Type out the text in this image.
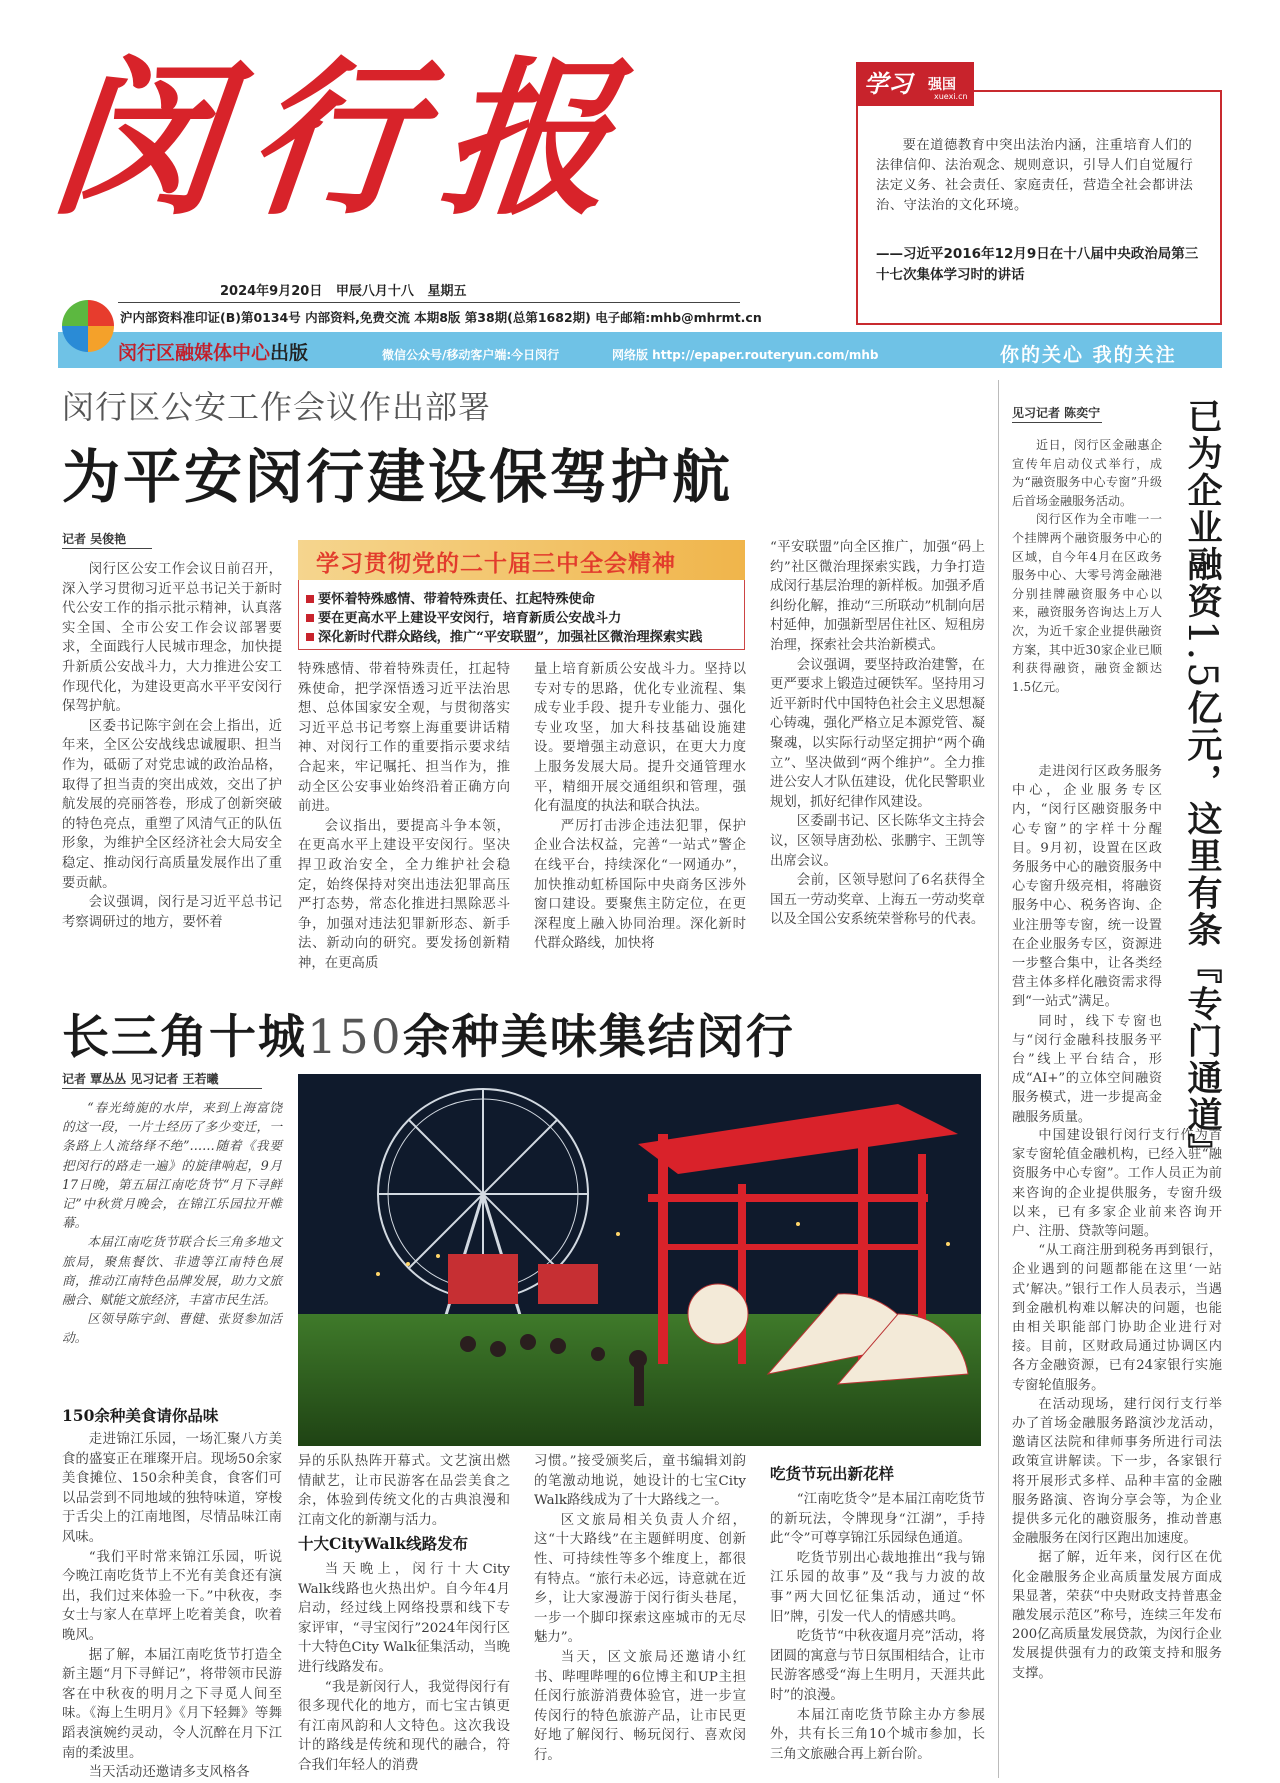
闵行报
2024年9月20日 甲辰八月十八 星期五
沪内部资料准印证(B)第0134号 内部资料,免费交流 本期8版 第38期(总第1682期) 电子邮箱:mhb@mhrmt.cn
闵行区融媒体中心出版	微信公众号/移动客户端:今日闵行	网络版 http://epaper.routeryun.com/mhb	你的关心 我的关注
学习 强国
xuexi.cn
要在道德教育中突出法治内涵，注重培育人们的法律信仰、法治观念、规则意识，引导人们自觉履行法定义务、社会责任、家庭责任，营造全社会都讲法治、守法治的文化环境。
——习近平2016年12月9日在十八届中央政治局第三十七次集体学习时的讲话
闵行区公安工作会议作出部署
为平安闵行建设保驾护航
记者 吴俊艳

闵行区公安工作会议日前召开，深入学习贯彻习近平总书记关于新时代公安工作的指示批示精神，认真落实全国、全市公安工作会议部署要求，全面践行人民城市理念，加快提升新质公安战斗力，大力推进公安工作现代化，为建设更高水平平安闵行保驾护航。

区委书记陈宇剑在会上指出，近年来，全区公安战线忠诚履职、担当作为，砥砺了对党忠诚的政治品格，取得了担当责的突出成效，交出了护航发展的亮丽答卷，形成了创新突破的特色亮点，重塑了风清气正的队伍形象，为维护全区经济社会大局安全稳定、推动闵行高质量发展作出了重要贡献。

会议强调，闵行是习近平总书记考察调研过的地方，要怀着

特殊感情、带着特殊责任，扛起特殊使命，把学深悟透习近平法治思想、总体国家安全观，与贯彻落实习近平总书记考察上海重要讲话精神、对闵行工作的重要指示要求结合起来，牢记嘱托、担当作为，推动全区公安事业始终沿着正确方向前进。

会议指出，要提高斗争本领，在更高水平上建设平安闵行。坚决捍卫政治安全，全力维护社会稳定，始终保持对突出违法犯罪高压严打态势，常态化推进扫黑除恶斗争，加强对违法犯罪新形态、新手法、新动向的研究。要发扬创新精神，在更高质

量上培育新质公安战斗力。坚持以专对专的思路，优化专业流程、集成专业手段、提升专业能力、强化专业攻坚，加大科技基础设施建设。要增强主动意识，在更大力度上服务发展大局。提升交通管理水平，精细开展交通组织和管理，强化有温度的执法和联合执法。

严厉打击涉企违法犯罪，保护企业合法权益，完善“一站式”警企在线平台，持续深化“一网通办”，加快推动虹桥国际中央商务区涉外窗口建设。要聚焦主防定位，在更深程度上融入协同治理。深化新时代群众路线，加快将

“平安联盟”向全区推广，加强“码上约”社区微治理探索实践，力争打造成闵行基层治理的新样板。加强矛盾纠纷化解，推动“三所联动”机制向居村延伸，加强新型居住社区、短租房治理，探索社会共治新模式。

会议强调，要坚持政治建警，在更严要求上锻造过硬铁军。坚持用习近平新时代中国特色社会主义思想凝心铸魂，强化严格立足本源党管、凝聚魂，以实际行动坚定拥护“两个确立”、坚决做到“两个维护”。全力推进公安人才队伍建设，优化民警职业规划，抓好纪律作风建设。

区委副书记、区长陈华文主持会议，区领导唐劲松、张鹏宇、王凯等出席会议。

会前，区领导慰问了6名获得全国五一劳动奖章、上海五一劳动奖章以及全国公安系统荣誉称号的代表。

学习贯彻党的二十届三中全会精神
要怀着特殊感情、带着特殊责任、扛起特殊使命
要在更高水平上建设平安闵行，培育新质公安战斗力
深化新时代群众路线，推广“平安联盟”，加强社区微治理探索实践
见习记者 陈奕宁 已为企业融资1.5亿元，这里有条『专门通道』

近日，闵行区金融惠企宣传年启动仪式举行，成为“融资服务中心专窗”升级后首场金融服务活动。

闵行区作为全市唯一一个挂牌两个融资服务中心的区域，自今年4月在区政务服务中心、大零号湾金融港分别挂牌融资服务中心以来，融资服务咨询达上万人次，为近千家企业提供融资方案，其中近30家企业已顺利获得融资，融资金额达1.5亿元。

走进闵行区政务服务中心，企业服务专区内，“闵行区融资服务中心专窗”的字样十分醒目。9月初，设置在区政务服务中心的融资服务中心专窗升级亮相，将融资服务中心、税务咨询、企业注册等专窗，统一设置在企业服务专区，资源进一步整合集中，让各类经营主体多样化融资需求得到“一站式”满足。

同时，线下专窗也与“闵行金融科技服务平台”线上平台结合，形成“AI+”的立体空间融资服务模式，进一步提高金融服务质量。

中国建设银行闵行支行作为首家专窗轮值金融机构，已经入驻“融资服务中心专窗”。工作人员正为前来咨询的企业提供服务，专窗升级以来，已有多家企业前来咨询开户、注册、贷款等问题。

“从工商注册到税务再到银行，企业遇到的问题都能在这里‘一站式’解决。”银行工作人员表示，当遇到金融机构难以解决的问题，也能由相关职能部门协助企业进行对接。目前，区财政局通过协调区内各方金融资源，已有24家银行实施专窗轮值服务。

在活动现场，建行闵行支行举办了首场金融服务路演沙龙活动，邀请区法院和律师事务所进行司法政策宣讲解读。下一步，各家银行将开展形式多样、品种丰富的金融服务路演、咨询分享会等，为企业提供多元化的融资服务，推动普惠金融服务在闵行区跑出加速度。

据了解，近年来，闵行区在优化金融服务企业高质量发展方面成果显著，荣获“中央财政支持普惠金融发展示范区”称号，连续三年发布200亿高质量发展贷款，为闵行企业发展提供强有力的政策支持和服务支撑。

长三角十城150余种美味集结闵行
记者 覃丛丛 见习记者 王若曦

“春光绮旎的水岸，来到上海富饶的这一段，一片土经历了多少变迁，一条路上人流络绎不绝”……随着《我要把闵行的路走一遍》的旋律响起，9月17日晚，第五届江南吃货节“月下寻鲜记”中秋赏月晚会，在锦江乐园拉开帷幕。

本届江南吃货节联合长三角多地文旅局，聚焦餐饮、非遗等江南特色展商，推动江南特色品牌发展，助力文旅融合、赋能文旅经济，丰富市民生活。

区领导陈宇剑、曹健、张贤参加活动。

150余种美食请你品味

走进锦江乐园，一场汇聚八方美食的盛宴正在璀璨开启。现场50余家美食摊位、150余种美食，食客们可以品尝到不同地域的独特味道，穿梭于舌尖上的江南地图，尽情品味江南风味。

“我们平时常来锦江乐园，听说今晚江南吃货节上不光有美食还有演出，我们过来体验一下。”中秋夜，李女士与家人在草坪上吃着美食，吹着晚风。

据了解，本届江南吃货节打造全新主题“月下寻鲜记”，将带领市民游客在中秋夜的明月之下寻觅人间至味。《海上生明月》《月下轻舞》等舞蹈表演婉约灵动，令人沉醉在月下江南的柔波里。

当天活动还邀请多支风格各

异的乐队热阵开幕式。文艺演出燃情献艺，让市民游客在品尝美食之余，体验到传统文化的古典浪漫和江南文化的新潮与活力。

十大CityWalk线路发布

当天晚上，闵行十大City Walk线路也火热出炉。自今年4月启动，经过线上网络投票和线下专家评审，“寻宝闵行”2024年闵行区十大特色City Walk征集活动，当晚进行线路发布。

“我是新闵行人，我觉得闵行有很多现代化的地方，而七宝古镇更有江南风韵和人文特色。这次我设计的路线是传统和现代的融合，符合我们年轻人的消费

习惯。”接受颁奖后，童书编辑刘韵的笔激动地说，她设计的七宝City Walk路线成为了十大路线之一。

区文旅局相关负责人介绍，这“十大路线”在主题鲜明度、创新性、可持续性等多个维度上，都很有特点。“旅行未必远，诗意就在近乡，让大家漫游于闵行街头巷尾，一步一个脚印探索这座城市的无尽魅力”。

当天，区文旅局还邀请小红书、哔哩哔哩的6位博主和UP主担任闵行旅游消费体验官，进一步宣传闵行的特色旅游产品，让市民更好地了解闵行、畅玩闵行、喜欢闵行。

吃货节玩出新花样

“江南吃货令”是本届江南吃货节的新玩法，令牌现身“江湖”，手持此“令”可尊享锦江乐园绿色通道。

吃货节别出心裁地推出“我与锦江乐园的故事”及“我与力波的故事”两大回忆征集活动，通过“怀旧”牌，引发一代人的情感共鸣。

吃货节“中秋夜遛月亮”活动，将团圆的寓意与节日氛围相结合，让市民游客感受“海上生明月，天涯共此时”的浪漫。

本届江南吃货节除主办方参展外，共有长三角10个城市参加，长三角文旅融合再上新台阶。
